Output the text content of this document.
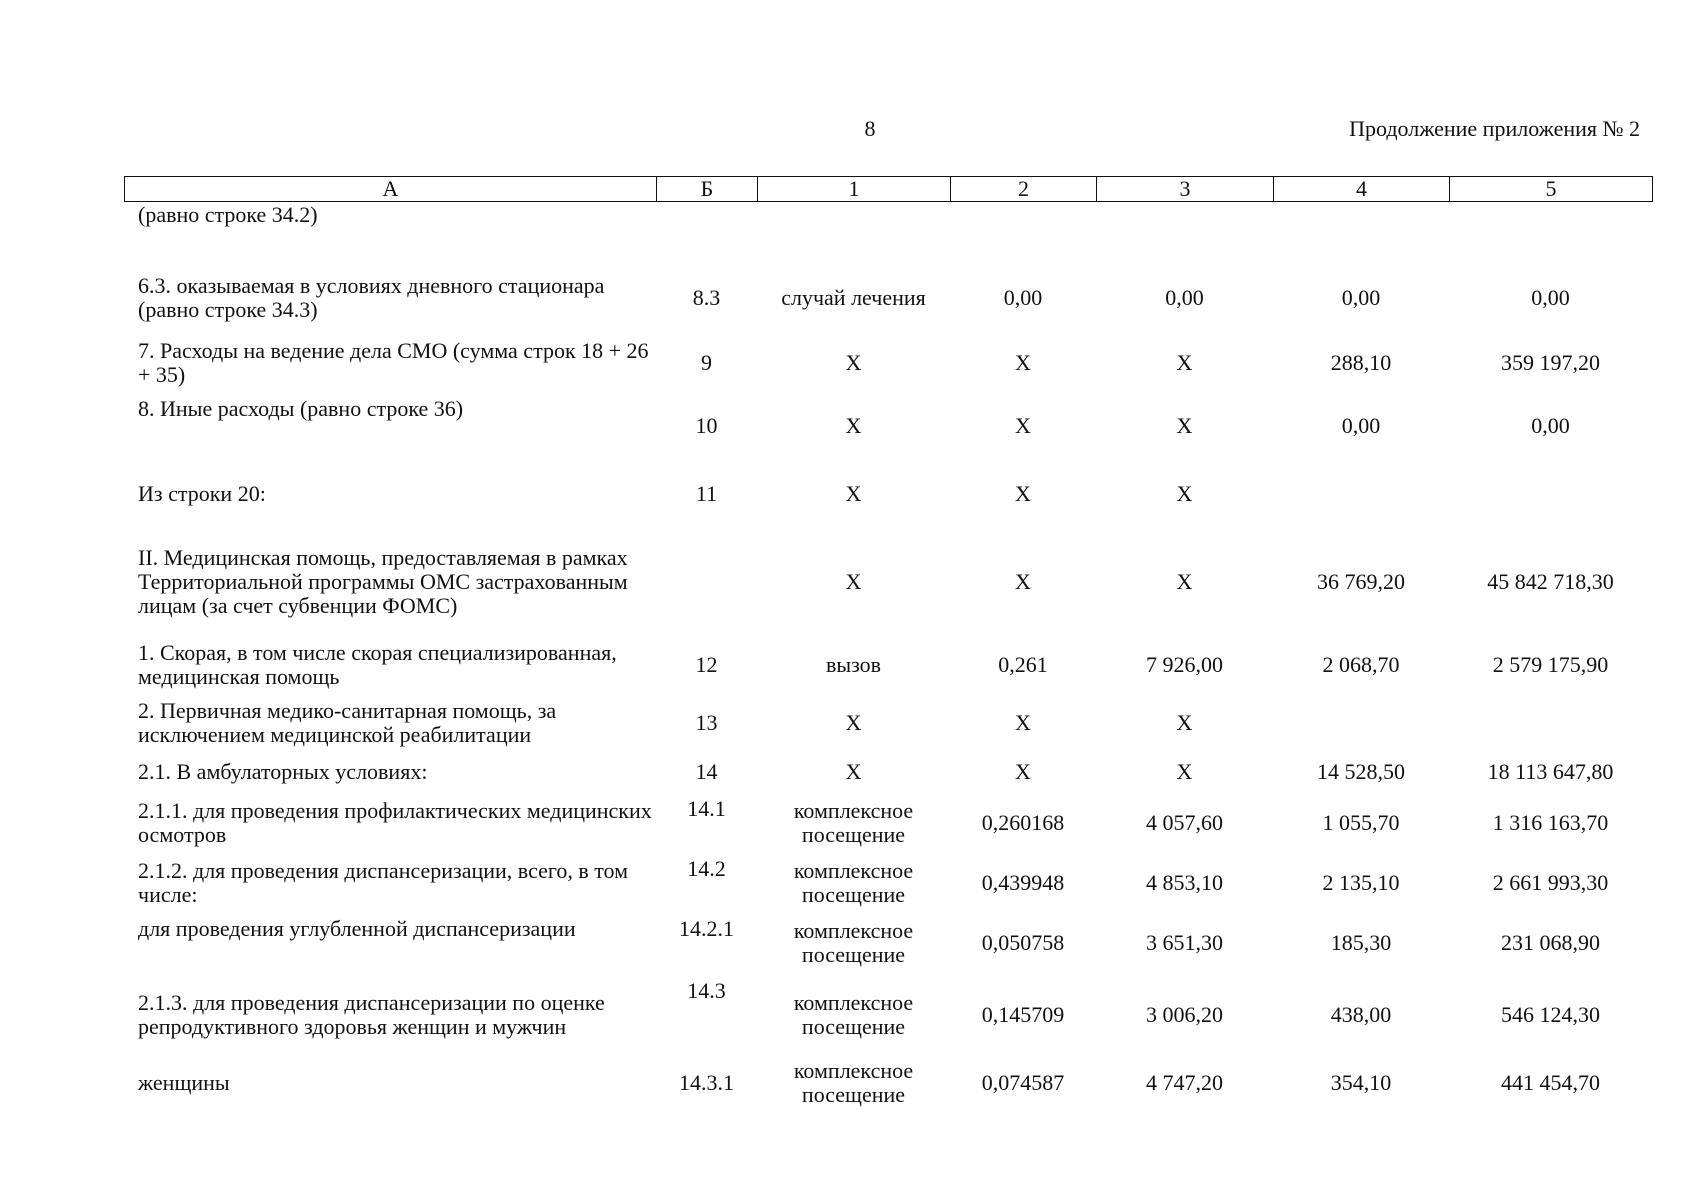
8	Продолжение приложения № 2
А	Б	1	2	3	4	5
(равно строке 34.2)						
6.3. оказываемая в условиях дневного стационара (равно строке 34.3)	8.3	случай лечения	0,00	0,00	0,00	0,00
7. Расходы на ведение дела СМО (сумма строк 18 + 26 + 35)	9	Х	Х	Х	288,10	359 197,20
8. Иные расходы (равно строке 36)	10	Х	Х	Х	0,00	0,00
Из строки 20:	11	Х	Х	Х		
II. Медицинская помощь, предоставляемая в рамках Территориальной программы ОМС застрахованным лицам (за счет субвенции ФОМС)		Х	Х	Х	36 769,20	45 842 718,30
1. Скорая, в том числе скорая специализированная, медицинская помощь	12	вызов	0,261	7 926,00	2 068,70	2 579 175,90
2. Первичная медико-санитарная помощь, за исключением медицинской реабилитации	13	Х	Х	Х		
2.1. В амбулаторных условиях:	14	Х	Х	Х	14 528,50	18 113 647,80
2.1.1. для проведения профилактических медицинских осмотров	14.1	комплексное посещение	0,260168	4 057,60	1 055,70	1 316 163,70
2.1.2. для проведения диспансеризации, всего, в том числе:	14.2	комплексное посещение	0,439948	4 853,10	2 135,10	2 661 993,30
для проведения углубленной диспансеризации	14.2.1	комплексное посещение	0,050758	3 651,30	185,30	231 068,90
2.1.3. для проведения диспансеризации по оценке репродуктивного здоровья женщин и мужчин	14.3	комплексное посещение	0,145709	3 006,20	438,00	546 124,30
женщины	14.3.1	комплексное посещение	0,074587	4 747,20	354,10	441 454,70
